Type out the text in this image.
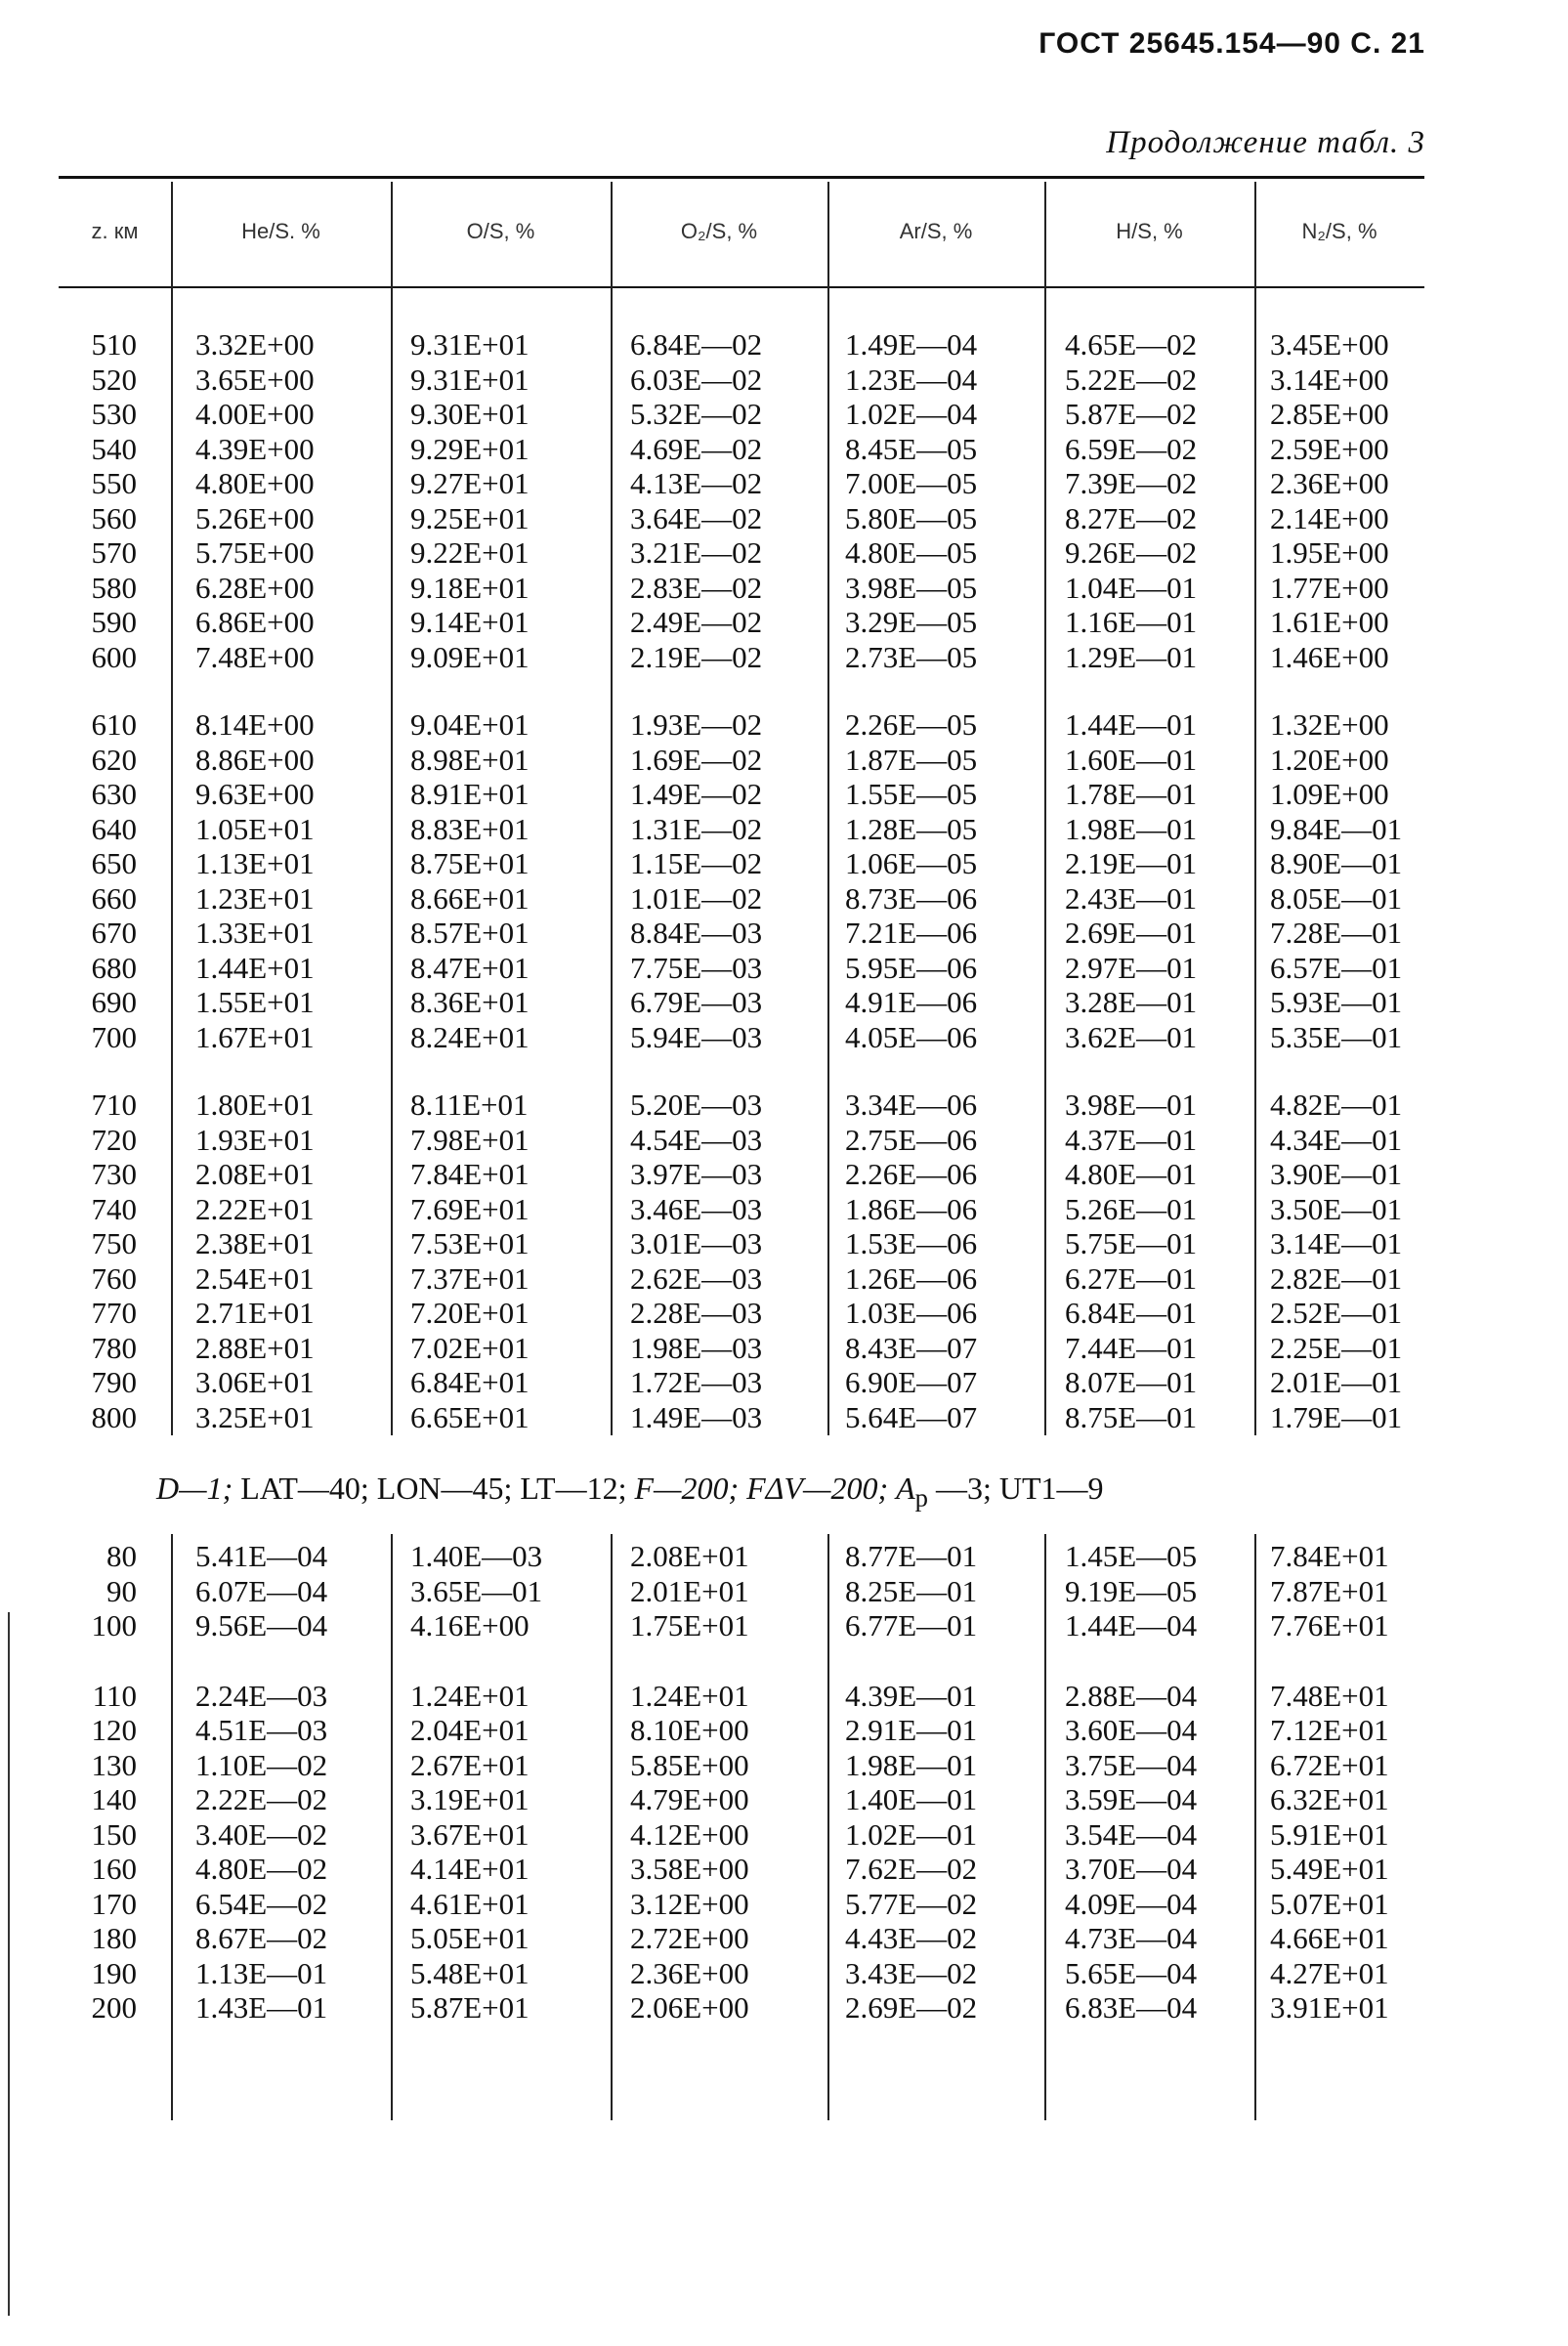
ГОСТ 25645.154—90 С. 21
Продолжение табл. 3
z. км	He/S. %	O/S, %	O₂/S, %	Ar/S, %	H/S, %	N₂/S, %
510 3.32E+00	9.31E+01	6.84E—02	1.49E—04	4.65E—02 3.45E+00
520 3.65E+00	9.31E+01	6.03E—02	1.23E—04	5.22E—02 3.14E+00
530 4.00E+00	9.30E+01	5.32E—02	1.02E—04	5.87E—02 2.85E+00
540 4.39E+00	9.29E+01	4.69E—02	8.45E—05	6.59E—02 2.59E+00
550 4.80E+00	9.27E+01	4.13E—02	7.00E—05	7.39E—02 2.36E+00
560 5.26E+00	9.25E+01	3.64E—02	5.80E—05	8.27E—02 2.14E+00
570 5.75E+00	9.22E+01	3.21E—02	4.80E—05	9.26E—02 1.95E+00
580 6.28E+00	9.18E+01	2.83E—02	3.98E—05	1.04E—01 1.77E+00
590 6.86E+00	9.14E+01	2.49E—02	3.29E—05	1.16E—01 1.61E+00
600 7.48E+00	9.09E+01	2.19E—02	2.73E—05	1.29E—01 1.46E+00
610 8.14E+00	9.04E+01	1.93E—02	2.26E—05	1.44E—01 1.32E+00
620 8.86E+00	8.98E+01	1.69E—02	1.87E—05	1.60E—01 1.20E+00
630 9.63E+00	8.91E+01	1.49E—02	1.55E—05	1.78E—01 1.09E+00
640 1.05E+01	8.83E+01	1.31E—02	1.28E—05	1.98E—01 9.84E—01
650 1.13E+01	8.75E+01	1.15E—02	1.06E—05	2.19E—01 8.90E—01
660 1.23E+01	8.66E+01	1.01E—02	8.73E—06	2.43E—01 8.05E—01
670 1.33E+01	8.57E+01	8.84E—03	7.21E—06	2.69E—01 7.28E—01
680 1.44E+01	8.47E+01	7.75E—03	5.95E—06	2.97E—01 6.57E—01
690 1.55E+01	8.36E+01	6.79E—03	4.91E—06	3.28E—01 5.93E—01
700 1.67E+01	8.24E+01	5.94E—03	4.05E—06	3.62E—01 5.35E—01
710 1.80E+01	8.11E+01	5.20E—03	3.34E—06	3.98E—01 4.82E—01
720 1.93E+01	7.98E+01	4.54E—03	2.75E—06	4.37E—01 4.34E—01
730 2.08E+01	7.84E+01	3.97E—03	2.26E—06	4.80E—01 3.90E—01
740 2.22E+01	7.69E+01	3.46E—03	1.86E—06	5.26E—01 3.50E—01
750 2.38E+01	7.53E+01	3.01E—03	1.53E—06	5.75E—01 3.14E—01
760 2.54E+01	7.37E+01	2.62E—03	1.26E—06	6.27E—01 2.82E—01
770 2.71E+01	7.20E+01	2.28E—03	1.03E—06	6.84E—01 2.52E—01
780 2.88E+01	7.02E+01	1.98E—03	8.43E—07	7.44E—01 2.25E—01
790 3.06E+01	6.84E+01	1.72E—03	6.90E—07	8.07E—01 2.01E—01
800 3.25E+01	6.65E+01	1.49E—03	5.64E—07	8.75E—01 1.79E—01
80 5.41E—04	1.40E—03	2.08E+01	8.77E—01	1.45E—05 7.84E+01
90 6.07E—04	3.65E—01	2.01E+01	8.25E—01	9.19E—05 7.87E+01
100 9.56E—04	4.16E+00	1.75E+01	6.77E—01	1.44E—04 7.76E+01
110 2.24E—03	1.24E+01	1.24E+01	4.39E—01	2.88E—04 7.48E+01
120 4.51E—03	2.04E+01	8.10E+00	2.91E—01	3.60E—04 7.12E+01
130 1.10E—02	2.67E+01	5.85E+00	1.98E—01	3.75E—04 6.72E+01
140 2.22E—02	3.19E+01	4.79E+00	1.40E—01	3.59E—04 6.32E+01
150 3.40E—02	3.67E+01	4.12E+00	1.02E—01	3.54E—04 5.91E+01
160 4.80E—02	4.14E+01	3.58E+00	7.62E—02	3.70E—04 5.49E+01
170 6.54E—02	4.61E+01	3.12E+00	5.77E—02	4.09E—04 5.07E+01
180 8.67E—02	5.05E+01	2.72E+00	4.43E—02	4.73E—04 4.66E+01
190 1.13E—01	5.48E+01	2.36E+00	3.43E—02	5.65E—04 4.27E+01
200 1.43E—01	5.87E+01	2.06E+00	2.69E—02	6.83E—04 3.91E+01
D—1; LAT—40; LON—45; LT—12; F—200; FΔV—200; $A_p$ —3; UT1—9
